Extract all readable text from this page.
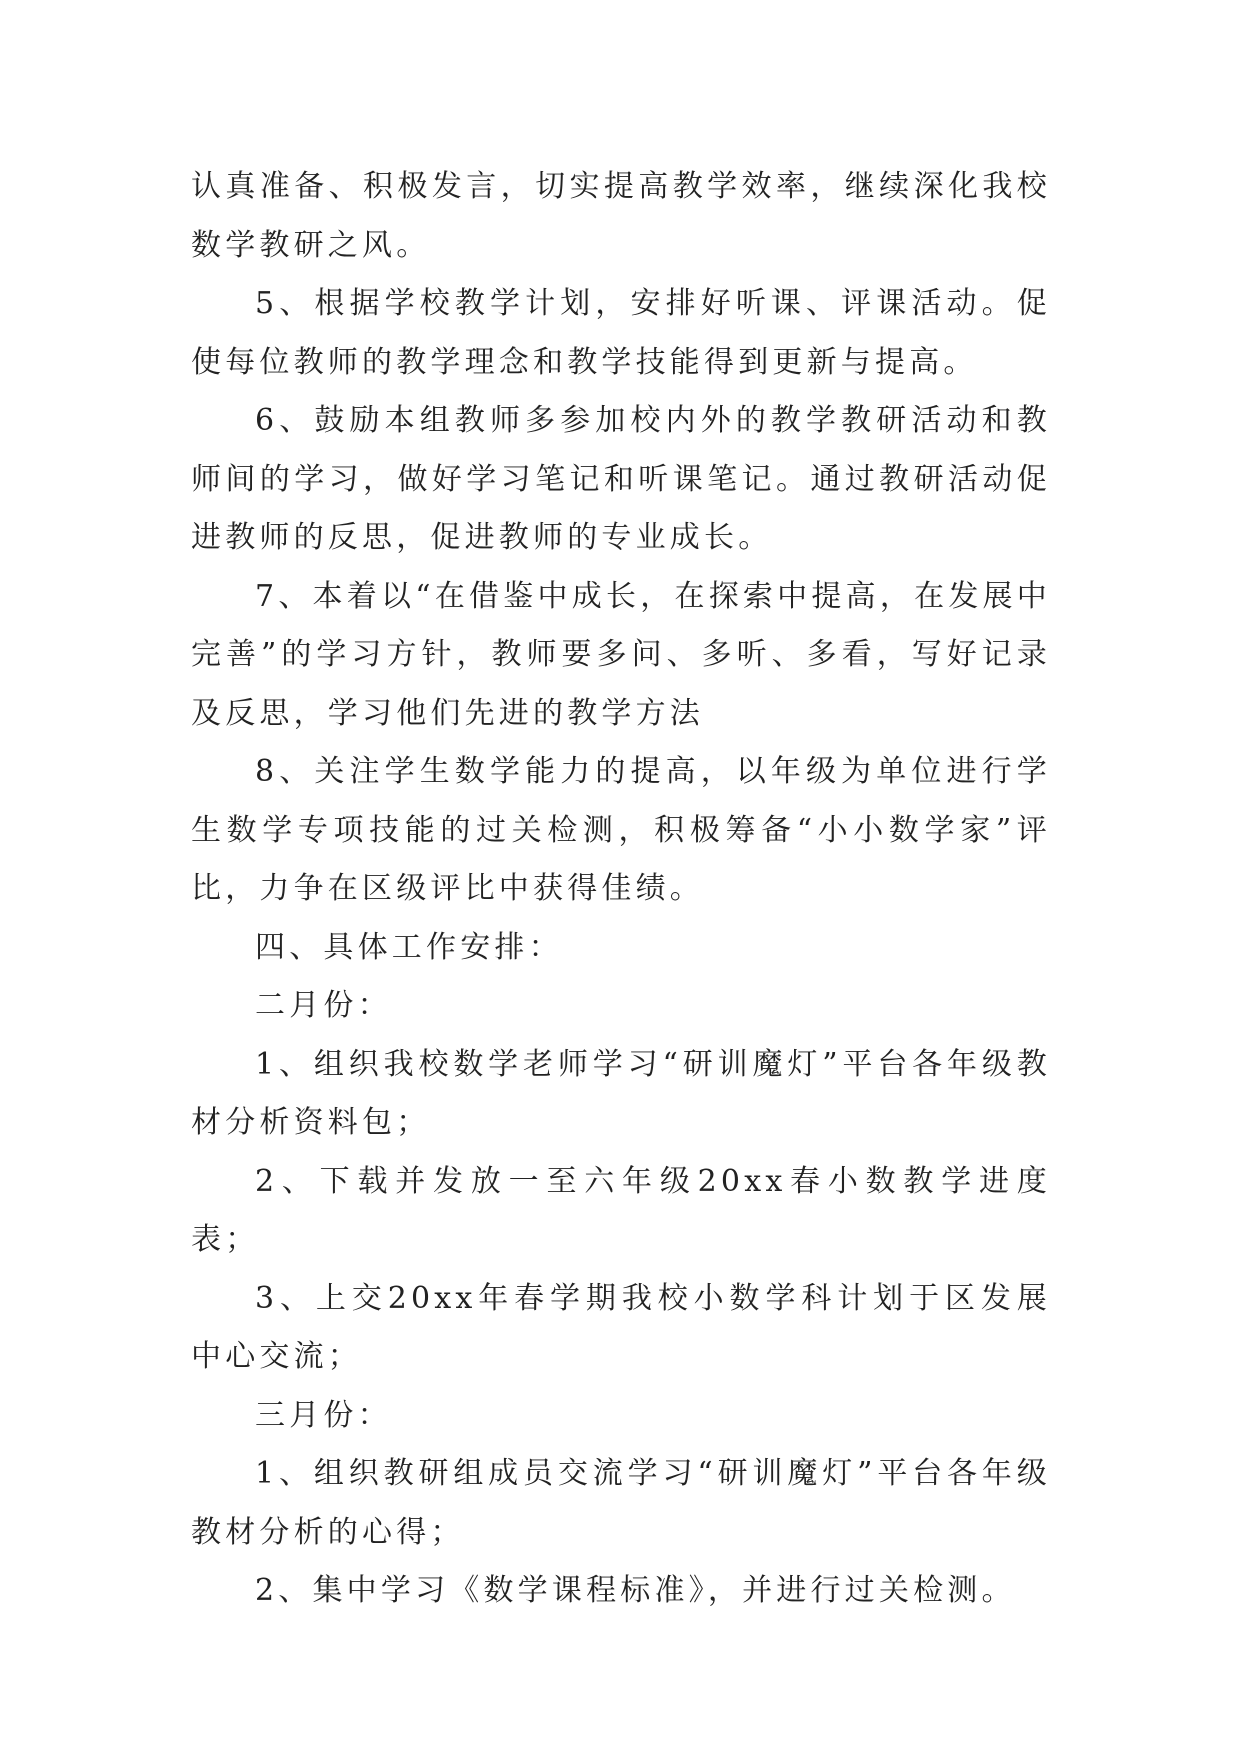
认真准备、积极发言，切实提高教学效率，继续深化我校数学教研之风。

5、根据学校教学计划，安排好听课、评课活动。促使每位教师的教学理念和教学技能得到更新与提高。

6、鼓励本组教师多参加校内外的教学教研活动和教师间的学习，做好学习笔记和听课笔记。通过教研活动促进教师的反思，促进教师的专业成长。

7、本着以“在借鉴中成长，在探索中提高，在发展中完善”的学习方针，教师要多问、多听、多看，写好记录及反思，学习他们先进的教学方法

8、关注学生数学能力的提高，以年级为单位进行学生数学专项技能的过关检测，积极筹备“小小数学家”评比，力争在区级评比中获得佳绩。

四、具体工作安排：

二月份：

1、组织我校数学老师学习“研训魔灯”平台各年级教材分析资料包；

2、下载并发放一至六年级20xx春小数教学进度表；

3、上交20xx年春学期我校小数学科计划于区发展中心交流；

三月份：

1、组织教研组成员交流学习“研训魔灯”平台各年级教材分析的心得；

2、集中学习《数学课程标准》，并进行过关检测。
